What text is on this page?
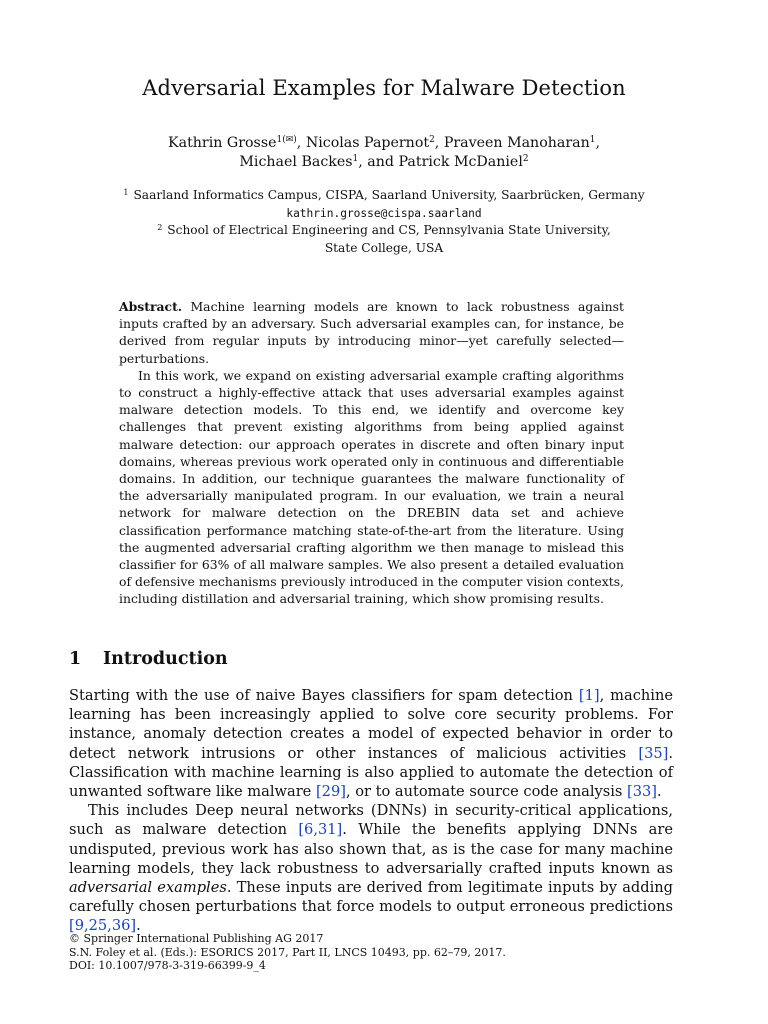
Adversarial Examples for Malware Detection
Kathrin Grosse$^{1(✉)}$, Nicolas Papernot$^2$, Praveen Manoharan$^1$,
Michael Backes$^1$, and Patrick McDaniel$^2$
$^1$ Saarland Informatics Campus, CISPA, Saarland University, Saarbrücken, Germany
kathrin.grosse@cispa.saarland
$^2$ School of Electrical Engineering and CS, Pennsylvania State University,
State College, USA

Abstract. Machine learning models are known to lack robustness against inputs crafted by an adversary. Such adversarial examples can, for instance, be derived from regular inputs by introducing minor—yet carefully selected—perturbations.

In this work, we expand on existing adversarial example crafting algorithms to construct a highly-effective attack that uses adversarial examples against malware detection models. To this end, we identify and overcome key challenges that prevent existing algorithms from being applied against malware detection: our approach operates in discrete and often binary input domains, whereas previous work operated only in continuous and differentiable domains. In addition, our technique guarantees the malware functionality of the adversarially manipulated program. In our evaluation, we train a neural network for malware detection on the DREBIN data set and achieve classification performance matching state-of-the-art from the literature. Using the augmented adversarial crafting algorithm we then manage to mislead this classifier for 63% of all malware samples. We also present a detailed evaluation of defensive mechanisms previously introduced in the computer vision contexts, including distillation and adversarial training, which show promising results.

1 Introduction

Starting with the use of naive Bayes classifiers for spam detection [1], machine learning has been increasingly applied to solve core security problems. For instance, anomaly detection creates a model of expected behavior in order to detect network intrusions or other instances of malicious activities [35]. Classification with machine learning is also applied to automate the detection of unwanted software like malware [29], or to automate source code analysis [33].

This includes Deep neural networks (DNNs) in security-critical applications, such as malware detection [6,31]. While the benefits applying DNNs are undisputed, previous work has also shown that, as is the case for many machine learning models, they lack robustness to adversarially crafted inputs known as adversarial examples. These inputs are derived from legitimate inputs by adding carefully chosen perturbations that force models to output erroneous predictions [9,25,36].

© Springer International Publishing AG 2017
S.N. Foley et al. (Eds.): ESORICS 2017, Part II, LNCS 10493, pp. 62–79, 2017.
DOI: 10.1007/978-3-319-66399-9_4
